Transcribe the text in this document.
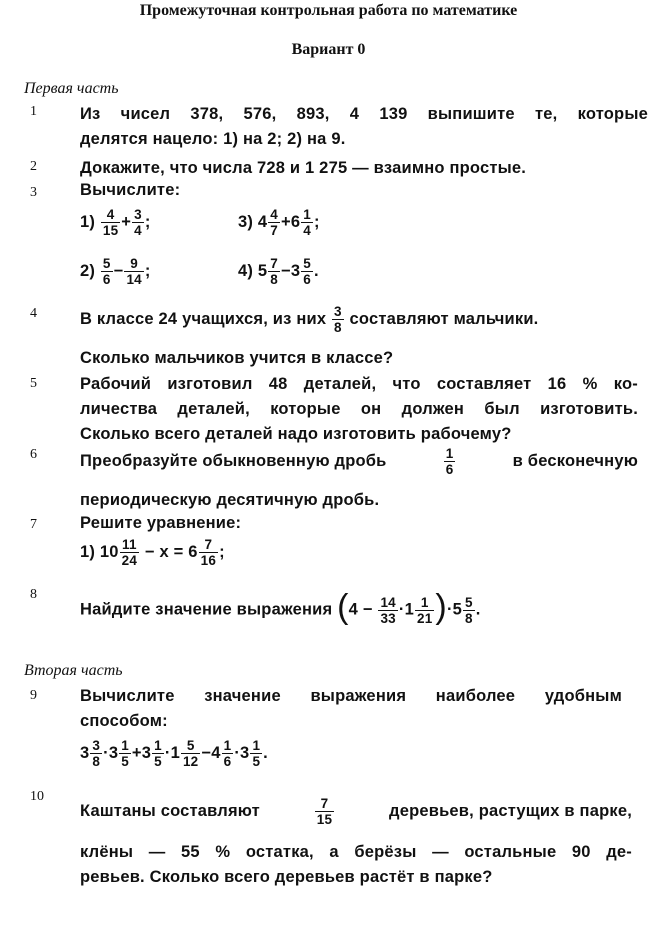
Промежуточная контрольная работа по математике
Вариант 0
Первая часть
1	Из чисел 378, 576, 893, 4 139 выпишите те, которые
делятся нацело: 1) на 2; 2) на 9.
2	Докажите, что числа 728 и 1 275 — взаимно простые.
3	Вычислите:
$1) \frac{4}{15} + \frac{3}{4}$ ;	3) $4 \frac{4}{7} +6 \frac{1}{4}$ ;
$2) \frac{5}{6} - \frac{9}{14}$ ;	4) $5 \frac{7}{8} -3 \frac{5}{6}$ .
4	В классе 24 учащихся, из них $\frac{3}{8}$ составляют мальчики.
Сколько мальчиков учится в классе?
5	Рабочий изготовил 48 деталей, что составляет 16 % ко-
личества деталей, которые он должен был изготовить.
Сколько всего деталей надо изготовить рабочему?
6	Преобразуйте обыкновенную дробь	$\frac{1}{6}$	в бесконечную
периодическую десятичную дробь.
7	Решите уравнение:
1) $10 \frac{11}{24} - x = 6 \frac{7}{16}$ ;
8
Найдите значение выражения $(4 - \frac{14}{33} \cdot 1 \frac{1}{21} )\cdot 5 \frac{5}{8}$ .
Вторая часть
9	Вычислите значение выражения наиболее удобным
способом:
$3 \frac{3}{8} \cdot 3 \frac{1}{5} +3 \frac{1}{5} \cdot 1 \frac{5}{12} -4 \frac{1}{6} \cdot 3 \frac{1}{5}$ .
10
Каштаны составляют	$\frac{7}{15}$	деревьев, растущих в парке,
клёны — 55 % остатка, а берёзы — остальные 90 де-
ревьев. Сколько всего деревьев растёт в парке?
